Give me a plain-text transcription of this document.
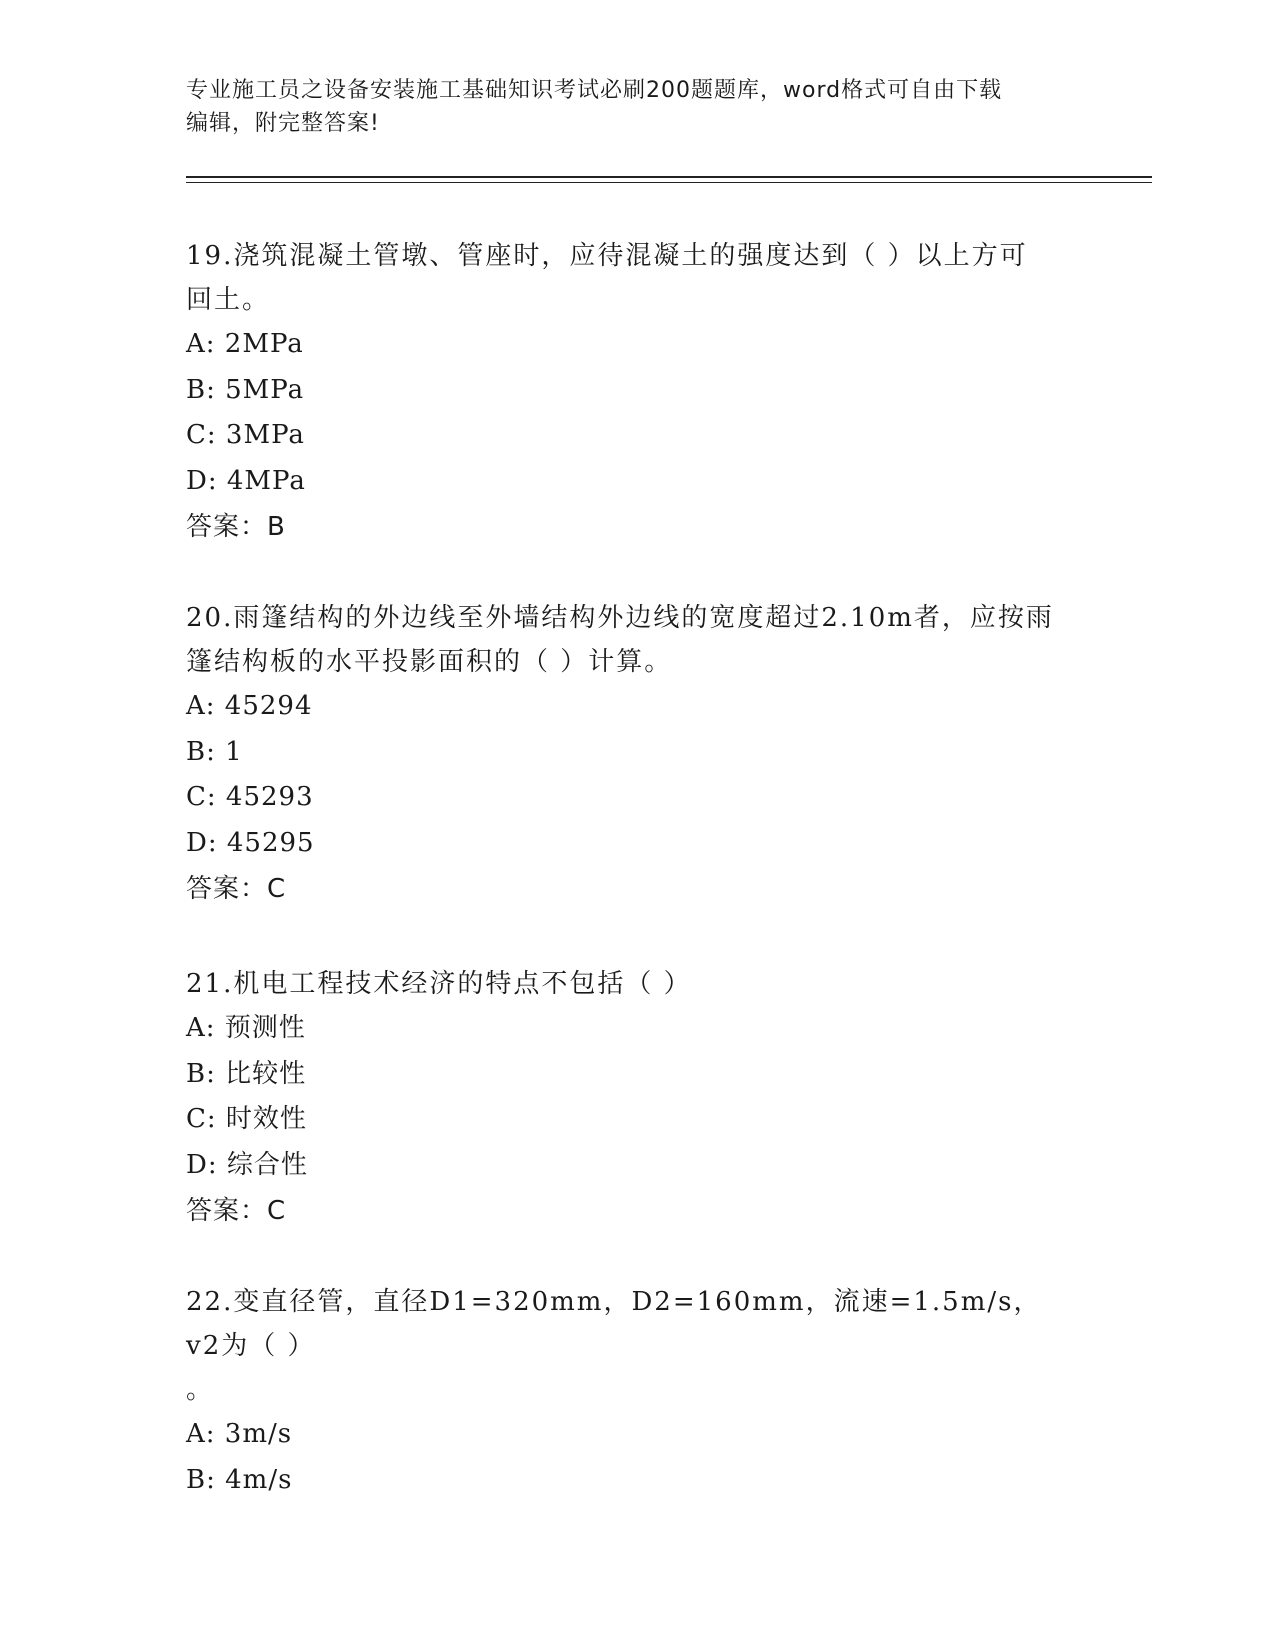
专业施工员之设备安装施工基础知识考试必刷200题题库，word格式可自由下载
编辑，附完整答案!

19.浇筑混凝土管墩、管座时，应待混凝土的强度达到（ ）以上方可

回土。

A: 2MPa

B: 5MPa

C: 3MPa

D: 4MPa

答案：B

20.雨篷结构的外边线至外墙结构外边线的宽度超过2.10m者，应按雨

篷结构板的水平投影面积的（ ）计算。

A: 45294

B: 1

C: 45293

D: 45295

答案：C

21.机电工程技术经济的特点不包括（ ）

A: 预测性

B: 比较性

C: 时效性

D: 综合性

答案：C

22.变直径管，直径D1=320mm，D2=160mm，流速=1.5m/s，v2为（ ）

。

A: 3m/s

B: 4m/s
